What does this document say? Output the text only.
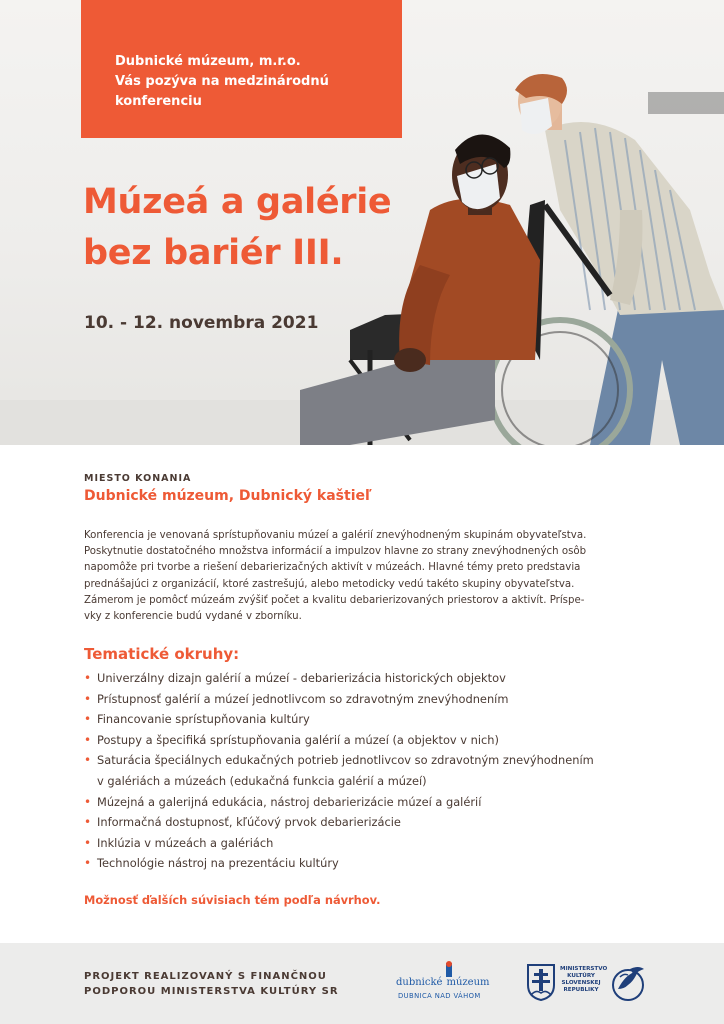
Dubnické múzeum, m.r.o.
Vás pozýva na medzinárodnú
konferenciu
Múzeá a galérie
bez bariér III.
10. - 12. novembra 2021
MIESTO KONANIA
Dubnické múzeum, Dubnický kaštieľ
Konferencia je venovaná sprístupňovaniu múzeí a galérií znevýhodneným skupinám obyvateľstva.
Poskytnutie dostatočného množstva informácií a impulzov hlavne zo strany znevýhodnených osôb
napomôže pri tvorbe a riešení debarierizačných aktivít v múzeách. Hlavné témy preto predstavia
prednášajúci z organizácií, ktoré zastrešujú, alebo metodicky vedú takéto skupiny obyvateľstva.
Zámerom je pomôcť múzeám zvýšiť počet a kvalitu debarierizovaných priestorov a aktivít. Príspe-
vky z konferencie budú vydané v zborníku.
Tematické okruhy:
• Univerzálny dizajn galérií a múzeí - debarierizácia historických objektov
• Prístupnosť galérií a múzeí jednotlivcom so zdravotným znevýhodnením
• Financovanie sprístupňovania kultúry
• Postupy a špecifiká sprístupňovania galérií a múzeí (a objektov v nich)
• Saturácia špeciálnych edukačných potrieb jednotlivcov so zdravotným znevýhodnením
v galériách a múzeách (edukačná funkcia galérií a múzeí)
• Múzejná a galerijná edukácia, nástroj debarierizácie múzeí a galérií
• Informačná dostupnosť, kľúčový prvok debarierizácie
• Inklúzia v múzeách a galériách
• Technológie nástroj na prezentáciu kultúry
Možnosť ďalších súvisiach tém podľa návrhov.
PROJEKT REALIZOVANÝ S FINANČNOU
PODPOROU MINISTERSTVA KULTÚRY SR
dubnické múzeum
DUBNICA NAD VÁHOM
MINISTERSTVO
KULTÚRY
SLOVENSKEJ
REPUBLIKY
